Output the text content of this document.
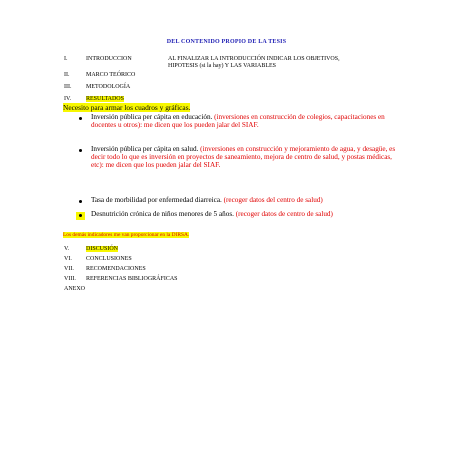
DEL CONTENIDO PROPIO DE LA TESIS
I.	INTRODUCCION	AL FINALIZAR LA INTRODUCCIÓN INDICAR LOS OBJETIVOS,
HIPOTESIS (si la hay) Y LAS VARIABLES
II.	MARCO TEÓRICO
III. METODOLOGÍA
IV. RESULTADOS
Necesito para armar los cuadros y gráficas.
Inversión pública per cápita en educación. (inversiones en construcción de colegios, capacitaciones en docentes u otros): me dicen que los pueden jalar del SIAF.
Inversión pública per cápita en salud. (inversiones en construcción y mejoramiento de agua, y desagüe, es decir todo lo que es inversión en proyectos de saneamiento, mejora de centro de salud, y postas médicas, etc): me dicen que los pueden jalar del SIAF.
Tasa de morbilidad por enfermedad diarreica. (recoger datos del centro de salud)
Desnutrición crónica de niños menores de 5 años. (recoger datos de centro de salud)
Los demás indicadores me van proporcionar en la DIRSA.
V.	DISCUSIÓN
VI. CONCLUSIONES
VII. RECOMENDACIONES
VIII. REFERENCIAS BIBLIOGRÁFICAS
ANEXO
